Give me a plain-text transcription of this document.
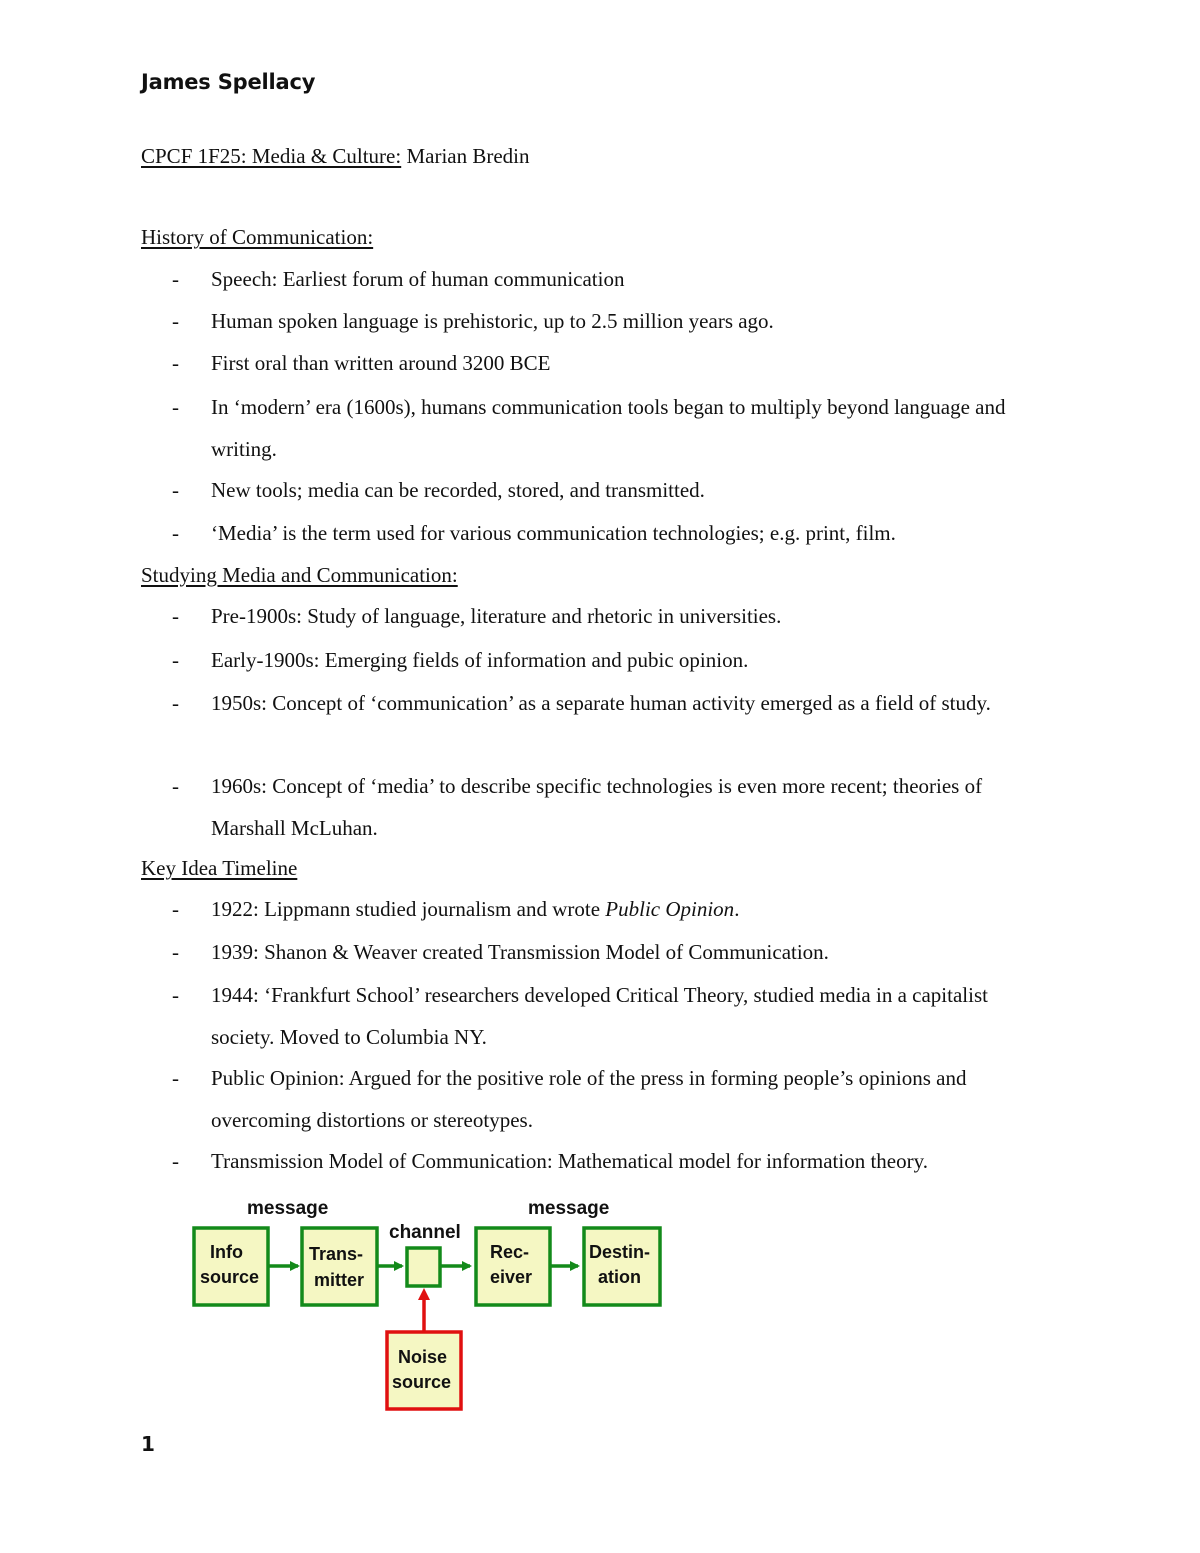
James Spellacy
CPCF 1F25: Media & Culture: Marian Bredin
History of Communication:
- Speech: Earliest forum of human communication
- Human spoken language is prehistoric, up to 2.5 million years ago.
- First oral than written around 3200 BCE
- In ‘modern’ era (1600s), humans communication tools began to multiply beyond language and writing.
- New tools; media can be recorded, stored, and transmitted.
- ‘Media’ is the term used for various communication technologies; e.g. print, film.
Studying Media and Communication:
- Pre-1900s: Study of language, literature and rhetoric in universities.
- Early-1900s: Emerging fields of information and pubic opinion.
- 1950s: Concept of ‘communication’ as a separate human activity emerged as a field of study.
- 1960s: Concept of ‘media’ to describe specific technologies is even more recent; theories of Marshall McLuhan.
Key Idea Timeline
- 1922: Lippmann studied journalism and wrote Public Opinion.
- 1939: Shanon & Weaver created Transmission Model of Communication.
- 1944: ‘Frankfurt School’ researchers developed Critical Theory, studied media in a capitalist society. Moved to Columbia NY.
- Public Opinion: Argued for the positive role of the press in forming people’s opinions and overcoming distortions or stereotypes.
- Transmission Model of Communication: Mathematical model for information theory.
message	message
channel
Info
source
Trans-
mitter
Rec-
eiver
Destin-
ation
Noise
source
1
